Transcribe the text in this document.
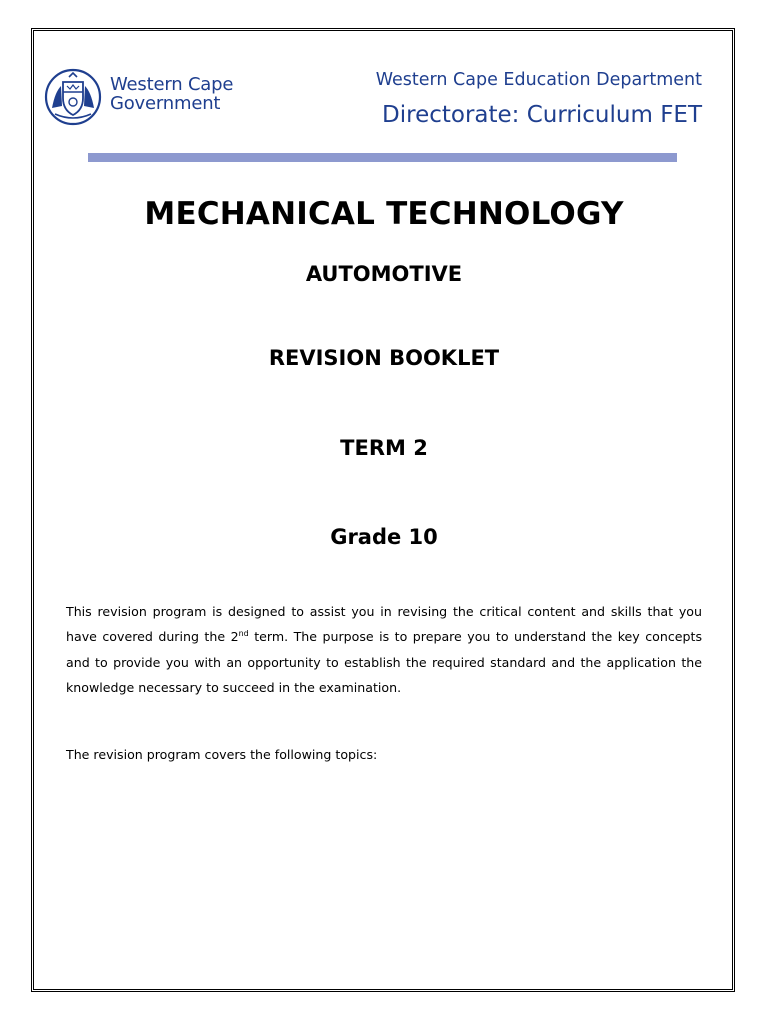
Western Cape
Government
Western Cape Education Department
Directorate: Curriculum FET
MECHANICAL TECHNOLOGY
AUTOMOTIVE
REVISION BOOKLET
TERM 2
Grade 10

This revision program is designed to assist you in revising the critical content and skills that you have covered during the 2nd term. The purpose is to prepare you to understand the key concepts and to provide you with an opportunity to establish the required standard and the application the knowledge necessary to succeed in the examination.

The revision program covers the following topics:
